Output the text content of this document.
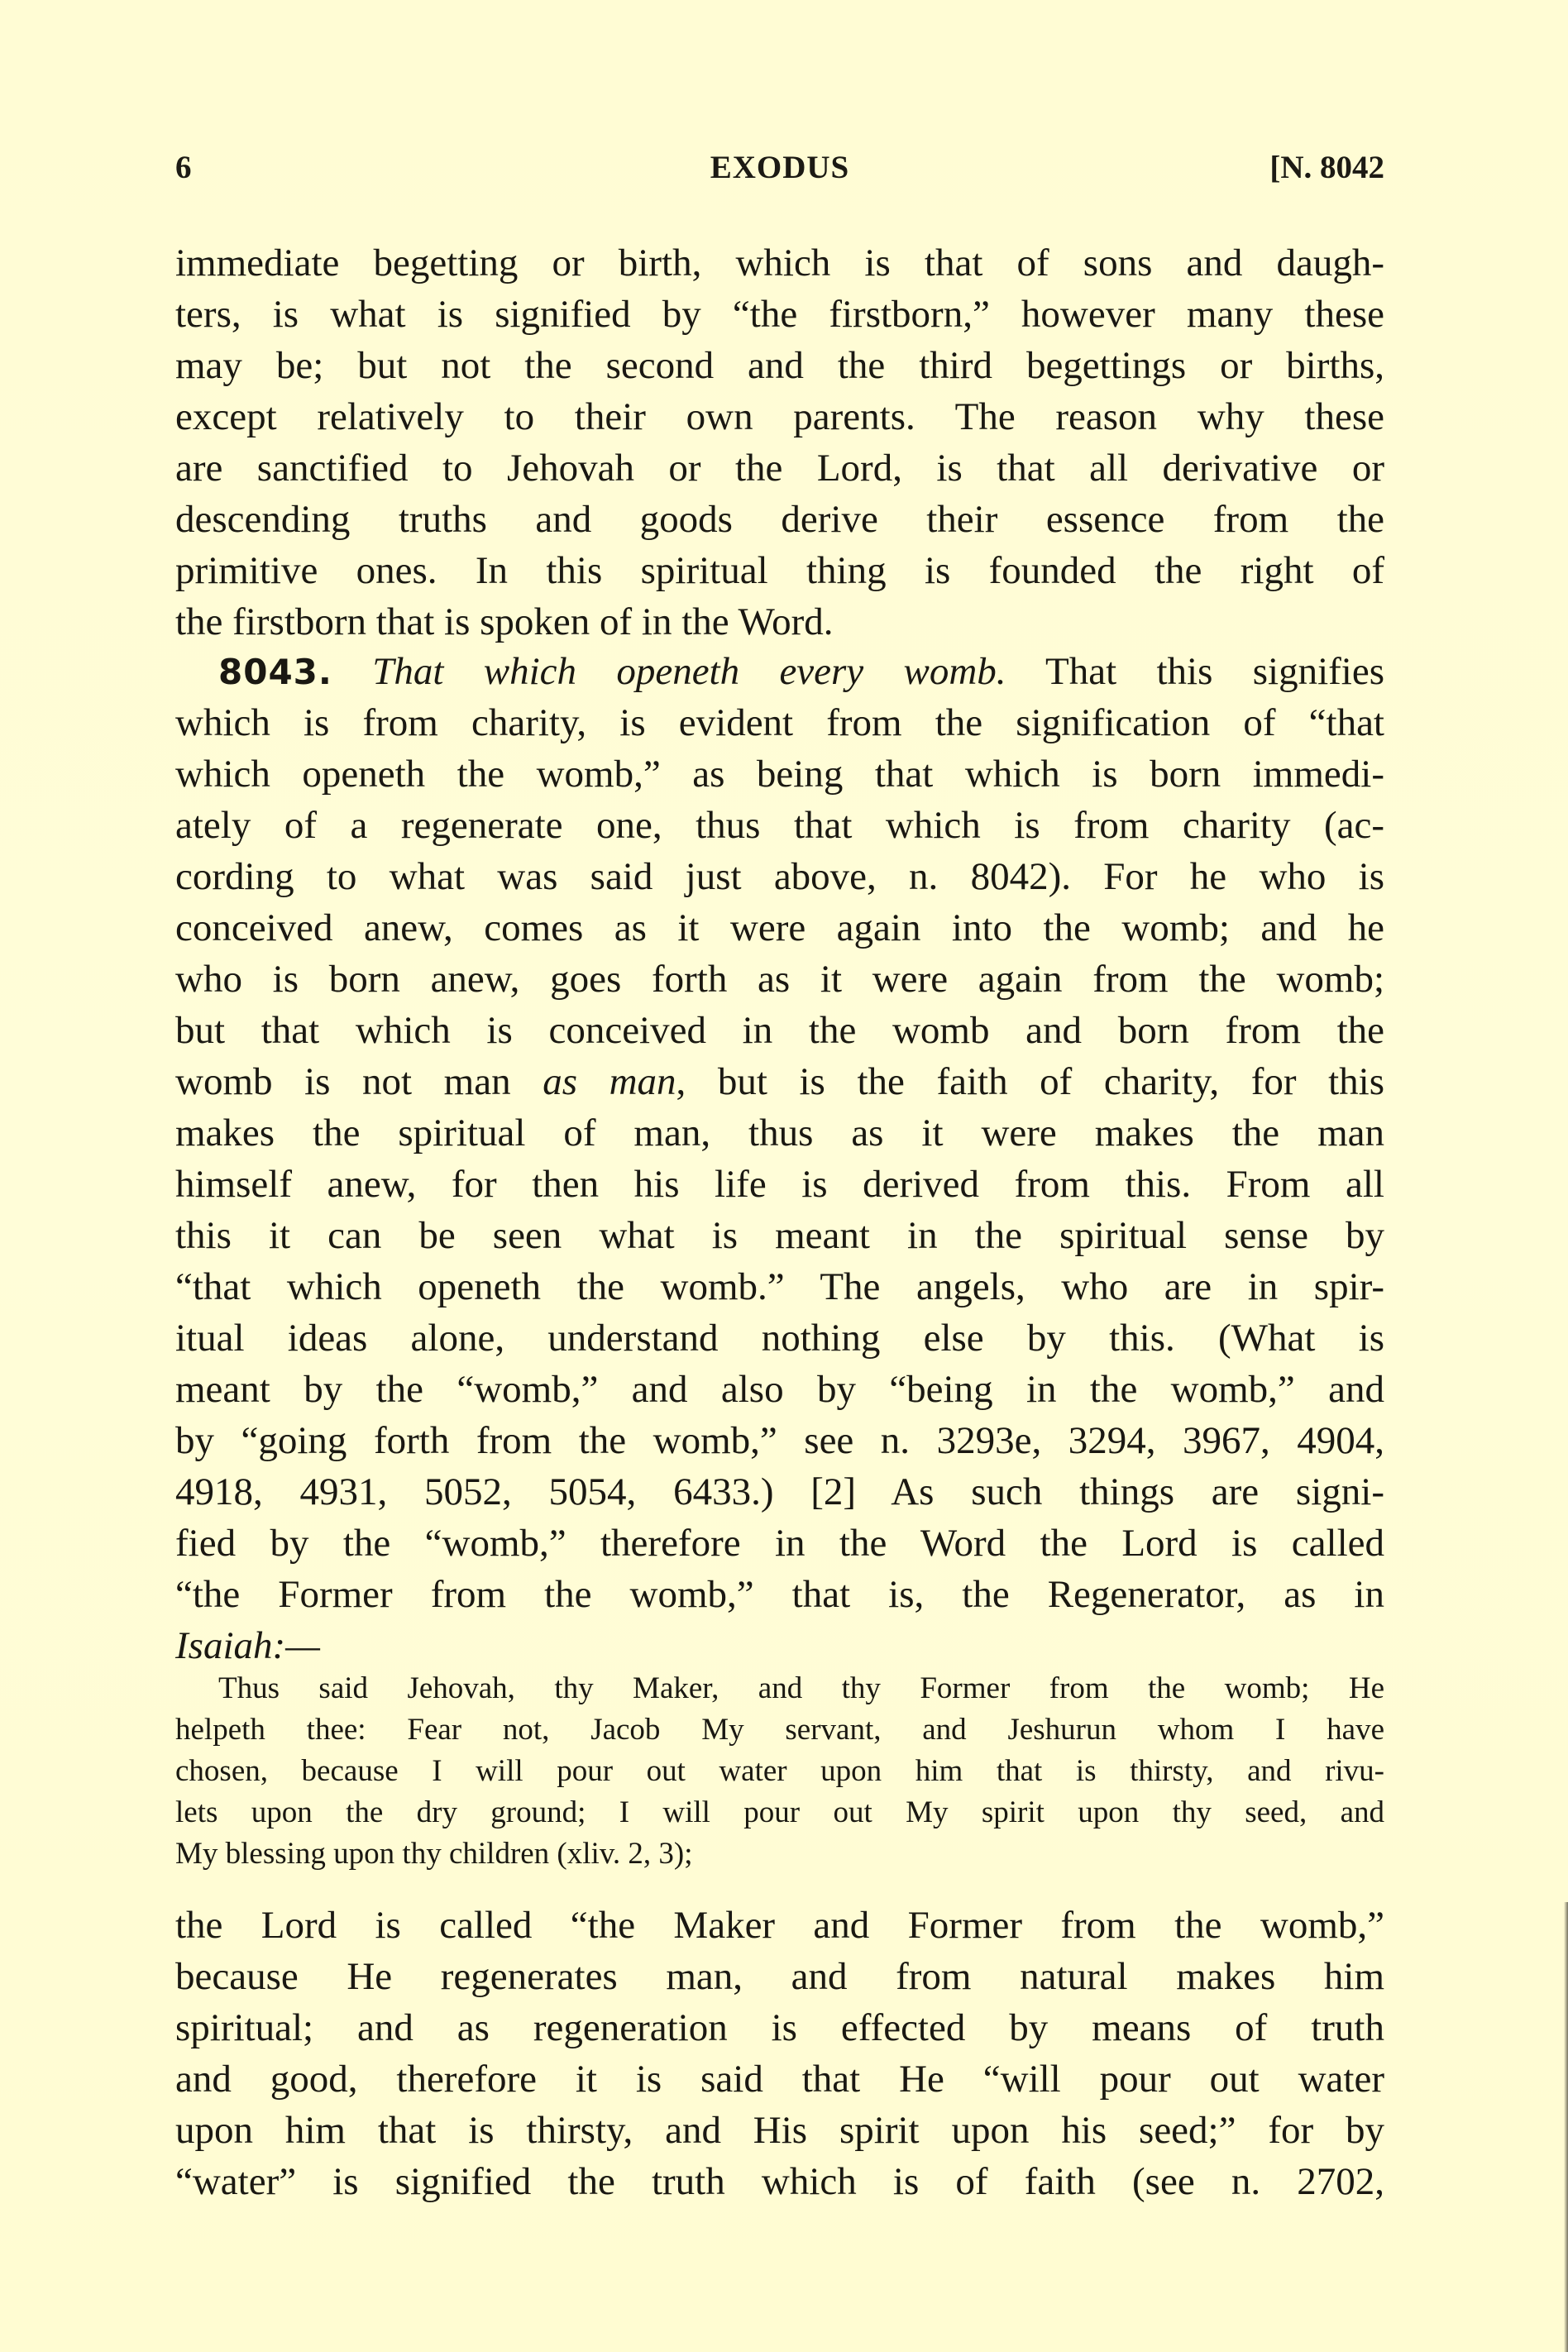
6	EXODUS	[N. 8042
immediate begetting or birth, which is that of sons and daugh-
ters, is what is signified by “the firstborn,” however many these
may be; but not the second and the third begettings or births,
except relatively to their own parents. The reason why these
are sanctified to Jehovah or the Lord, is that all derivative or
descending truths and goods derive their essence from the
primitive ones. In this spiritual thing is founded the right of
the firstborn that is spoken of in the Word.
8043. That which openeth every womb. That this signifies
which is from charity, is evident from the signification of “that
which openeth the womb,” as being that which is born immedi-
ately of a regenerate one, thus that which is from charity (ac-
cording to what was said just above, n. 8042). For he who is
conceived anew, comes as it were again into the womb; and he
who is born anew, goes forth as it were again from the womb;
but that which is conceived in the womb and born from the
womb is not man as man, but is the faith of charity, for this
makes the spiritual of man, thus as it were makes the man
himself anew, for then his life is derived from this. From all
this it can be seen what is meant in the spiritual sense by
“that which openeth the womb.” The angels, who are in spir-
itual ideas alone, understand nothing else by this. (What is
meant by the “womb,” and also by “being in the womb,” and
by “going forth from the womb,” see n. 3293e, 3294, 3967, 4904,
4918, 4931, 5052, 5054, 6433.) [2] As such things are signi-
fied by the “womb,” therefore in the Word the Lord is called
“the Former from the womb,” that is, the Regenerator, as in
Isaiah:—
Thus said Jehovah, thy Maker, and thy Former from the womb; He
helpeth thee: Fear not, Jacob My servant, and Jeshurun whom I have
chosen, because I will pour out water upon him that is thirsty, and rivu-
lets upon the dry ground; I will pour out My spirit upon thy seed, and
My blessing upon thy children (xliv. 2, 3);
the Lord is called “the Maker and Former from the womb,”
because He regenerates man, and from natural makes him
spiritual; and as regeneration is effected by means of truth
and good, therefore it is said that He “will pour out water
upon him that is thirsty, and His spirit upon his seed;” for by
“water” is signified the truth which is of faith (see n. 2702,
